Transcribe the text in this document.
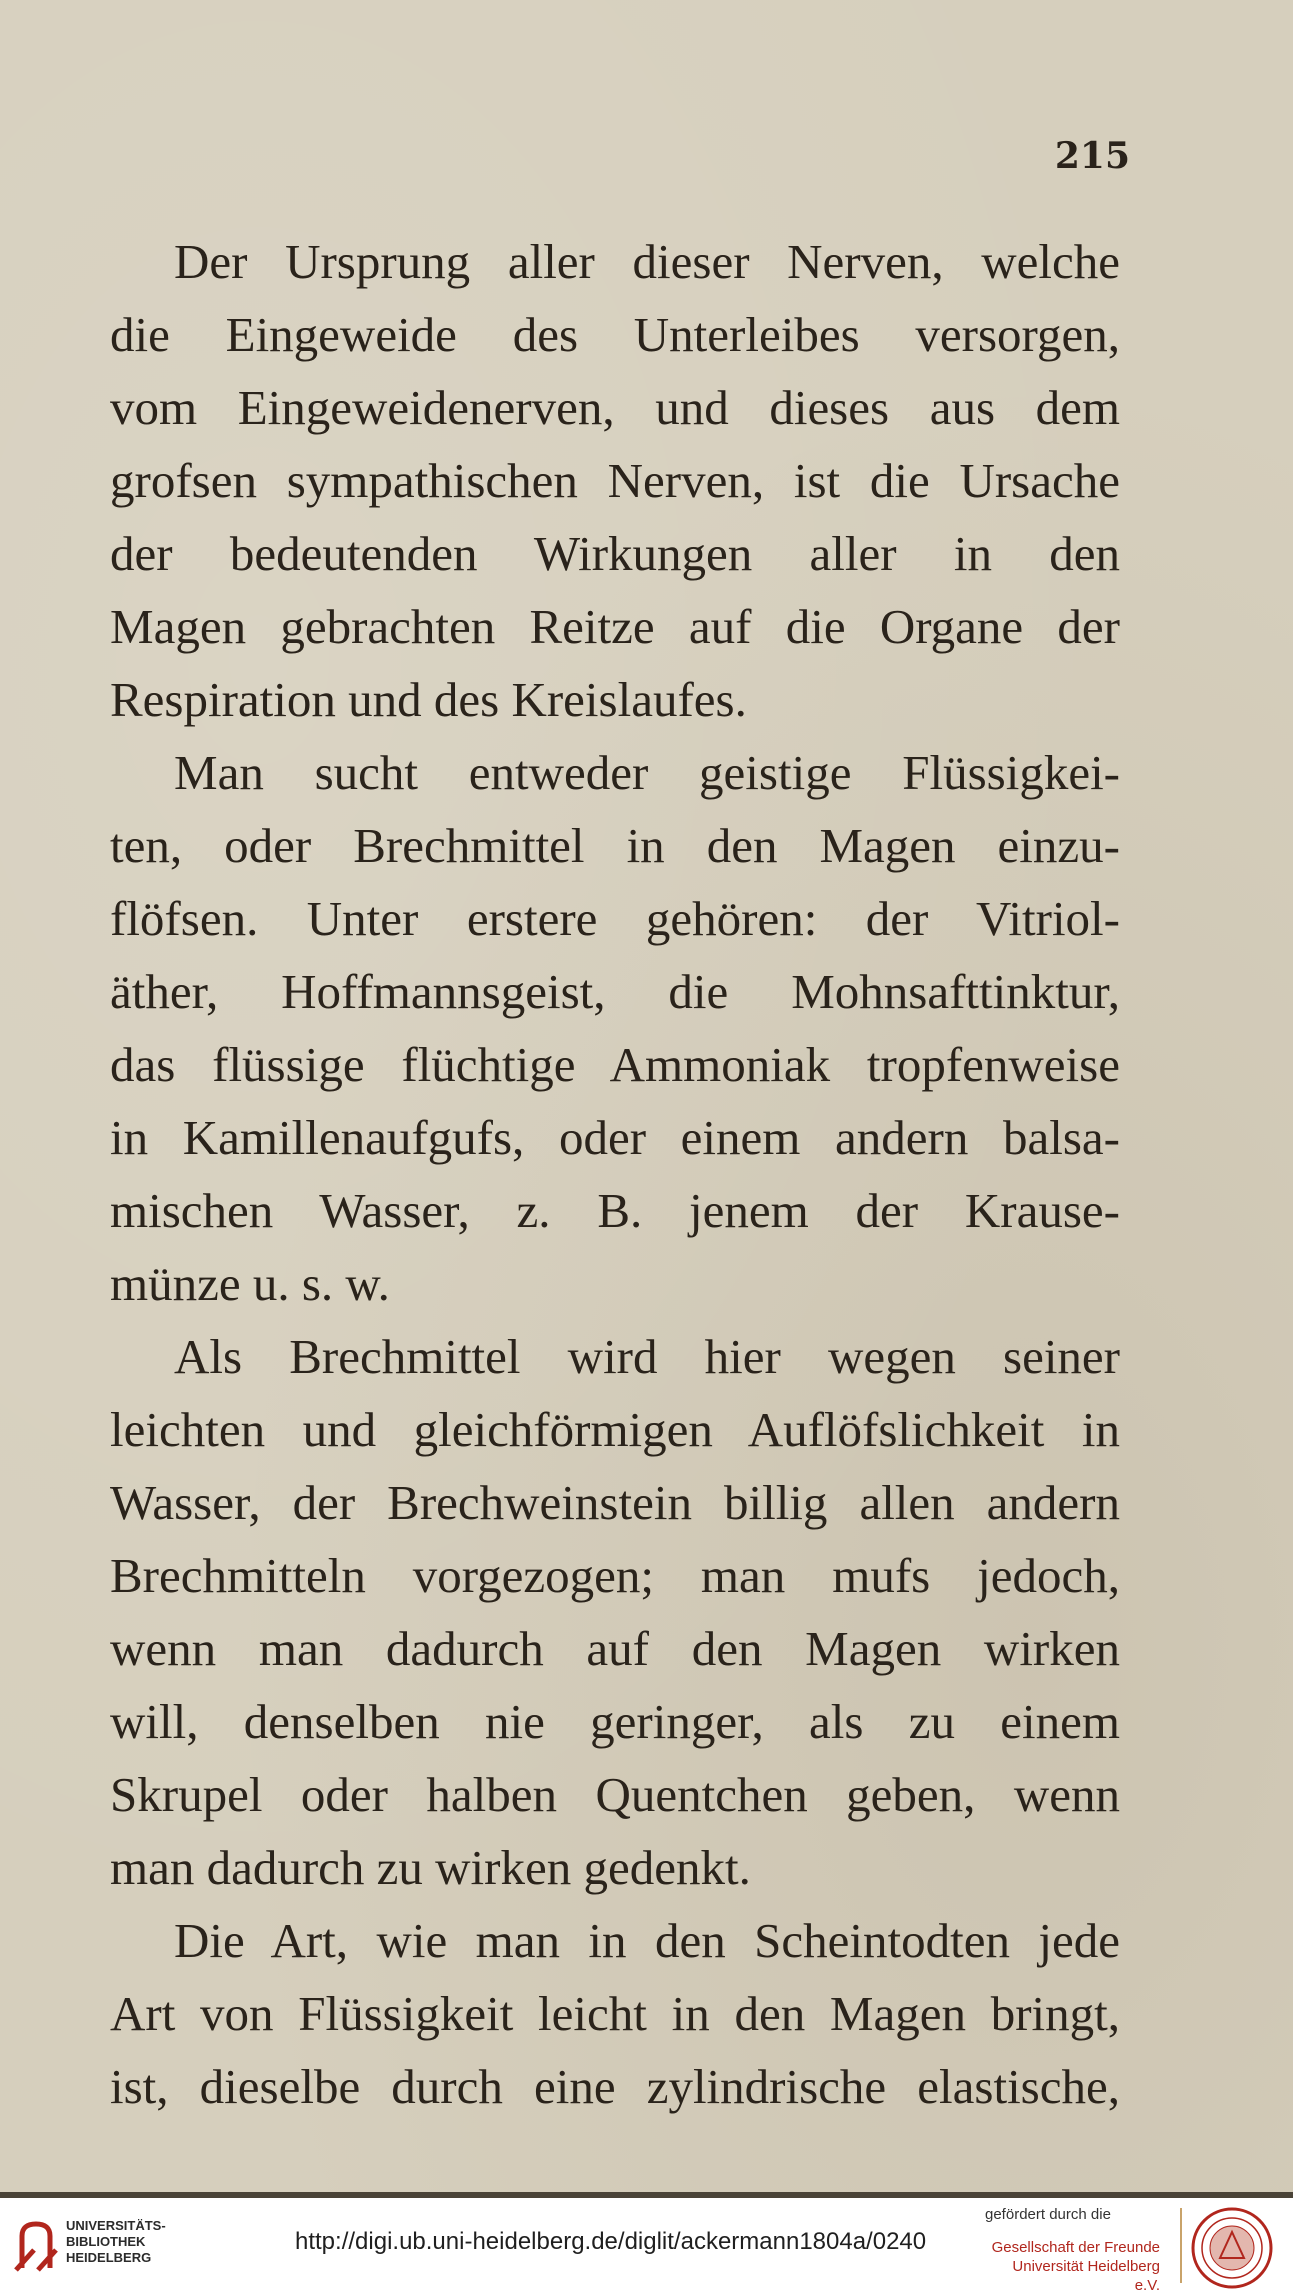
215

Der Ursprung aller dieser Nerven, welche

die Eingeweide des Unterleibes versorgen,

vom Eingeweidenerven, und dieses aus dem

grofsen sympathischen Nerven, ist die Ursache

der bedeutenden Wirkungen aller in den

Magen gebrachten Reitze auf die Organe der

Respiration und des Kreislaufes.

Man sucht entweder geistige Flüssigkei-

ten, oder Brechmittel in den Magen einzu-

flöfsen. Unter erstere gehören: der Vitriol-

äther, Hoffmannsgeist, die Mohnsafttinktur,

das flüssige flüchtige Ammoniak tropfenweise

in Kamillenaufgufs, oder einem andern balsa-

mischen Wasser, z. B. jenem der Krause-

münze u. s. w.

Als Brechmittel wird hier wegen seiner

leichten und gleichförmigen Auflöfslichkeit in

Wasser, der Brechweinstein billig allen andern

Brechmitteln vorgezogen; man mufs jedoch,

wenn man dadurch auf den Magen wirken

will, denselben nie geringer, als zu einem

Skrupel oder halben Quentchen geben, wenn

man dadurch zu wirken gedenkt.

Die Art, wie man in den Scheintodten jede

Art von Flüssigkeit leicht in den Magen bringt,

ist, dieselbe durch eine zylindrische elastische,

UNIVERSITÄTS-
BIBLIOTHEK
HEIDELBERG
http://digi.ub.uni-heidelberg.de/diglit/ackermann1804a/0240
gefördert durch die
Gesellschaft der Freunde
Universität Heidelberg e.V.
